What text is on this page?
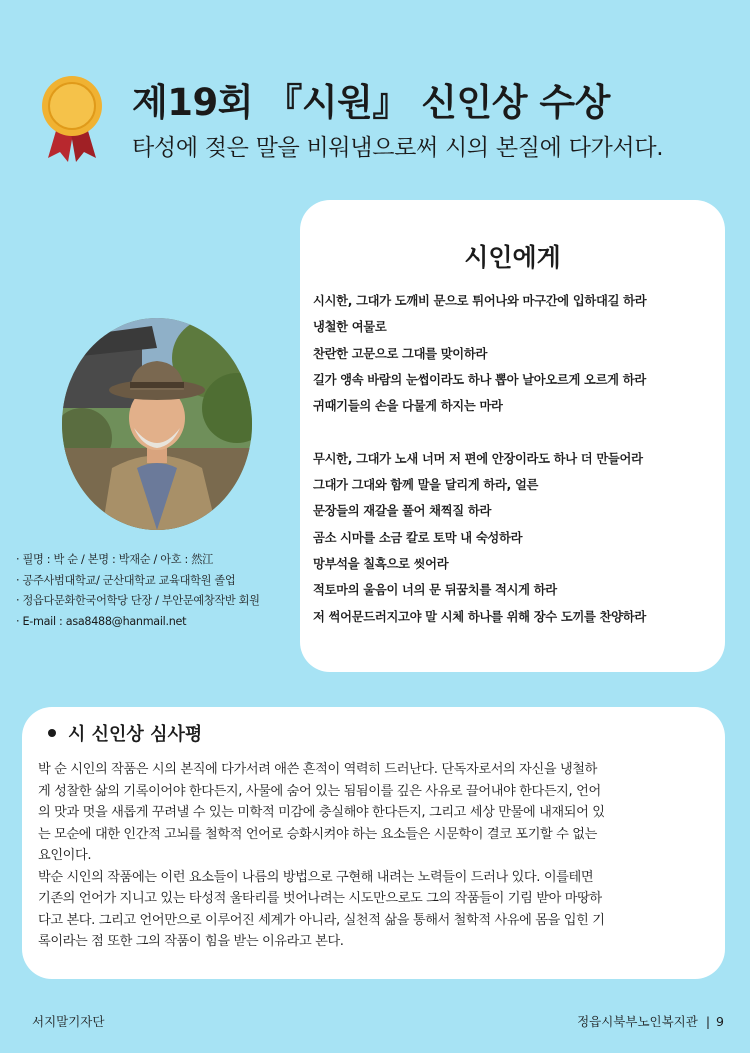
제19회 『시원』 신인상 수상
타성에 젖은 말을 비워냄으로써 시의 본질에 다가서다.
시인에게
시시한, 그대가 도깨비 문으로 튀어나와 마구간에 입하대길 하라
냉철한 여물로
찬란한 고문으로 그대를 맞이하라
길가 앵속 바람의 눈썹이라도 하나 뽑아 날아오르게 오르게 하라
귀때기들의 손을 다물게 하지는 마라
무시한, 그대가 노새 너머 저 편에 안장이라도 하나 더 만들어라
그대가 그대와 함께 말을 달리게 하라, 얼른
문장들의 재갈을 풀어 채찍질 하라
곰소 시마를 소금 칼로 토막 내 숙성하라
망부석을 칠흑으로 씻어라
적토마의 울음이 너의 문 뒤꿈치를 적시게 하라
저 썩어문드러지고야 말 시체 하나를 위해 장수 도끼를 찬양하라
· 필명 : 박 순 / 본명 : 박재순 / 아호 : 然江
· 공주사범대학교/ 군산대학교 교육대학원 졸업
· 정읍다문화한국어학당 단장 / 부안문예창작반 회원
· E-mail : asa8488@hanmail.net
시 신인상 심사평
박 순 시인의 작품은 시의 본직에 다가서려 애쓴 흔적이 역력히 드러난다. 단독자로서의 자신을 냉철하
게 성찰한 삶의 기록이어야 한다든지, 사물에 숨어 있는 됨됨이를 깊은 사유로 끌어내야 한다든지, 언어
의 맛과 멋을 새롭게 꾸려낼 수 있는 미학적 미감에 충실해야 한다든지, 그리고 세상 만물에 내재되어 있
는 모순에 대한 인간적 고뇌를 철학적 언어로 승화시켜야 하는 요소들은 시문학이 결코 포기할 수 없는
요인이다.
박순 시인의 작품에는 이런 요소들이 나름의 방법으로 구현해 내려는 노력들이 드러나 있다. 이를테면
기존의 언어가 지니고 있는 타성적 울타리를 벗어나려는 시도만으로도 그의 작품들이 기림 받아 마땅하
다고 본다. 그리고 언어만으로 이루어진 세계가 아니라, 실천적 삶을 통해서 철학적 사유에 몸을 입힌 기
록이라는 점 또한 그의 작품이 힘을 받는 이유라고 본다.
서지말기자단	정읍시북부노인복지관 | 9
